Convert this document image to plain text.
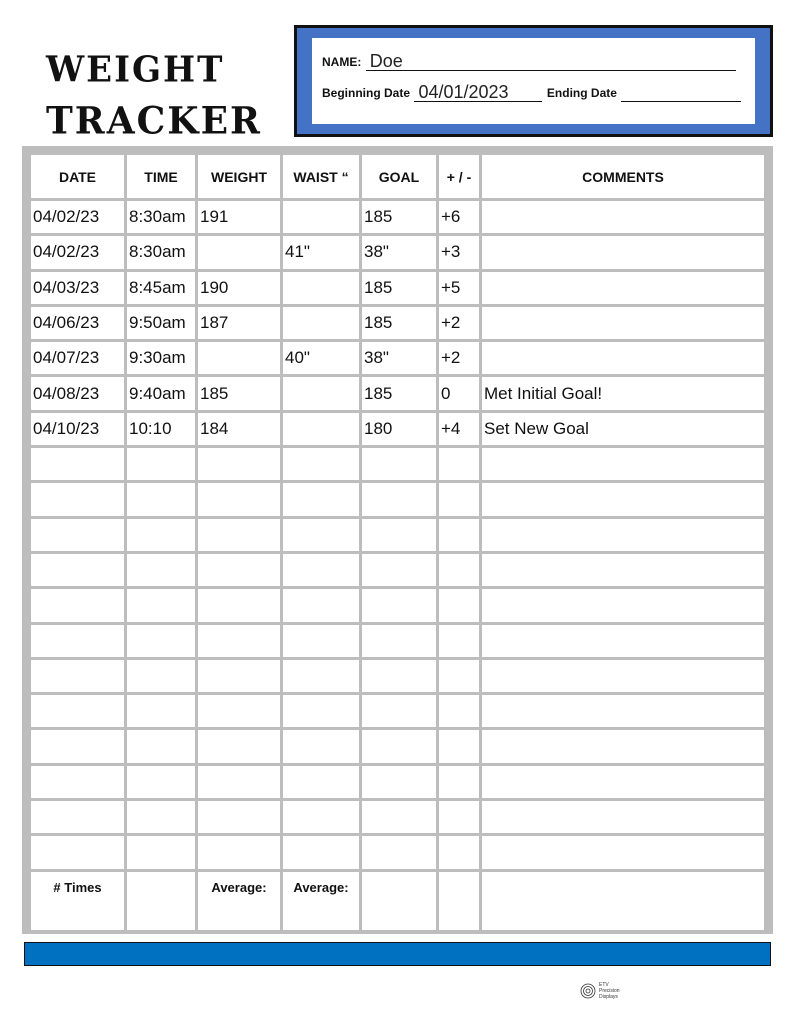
WEIGHT
TRACKER
NAME: Doe
Beginning Date 04/01/2023	Ending Date
DATE	TIME	WEIGHT	WAIST “	GOAL	+ / -	COMMENTS
04/02/23	8:30am	191		185	+6	
04/02/23	8:30am		41"	38"	+3	
04/03/23	8:45am	190		185	+5	
04/06/23	9:50am	187		185	+2	
04/07/23	9:30am		40"	38"	+2	
04/08/23	9:40am	185		185	0	Met Initial Goal!
04/10/23	10:10	184		180	+4	Set New Goal

# Times		Average:	Average:			
ETV Precision Displays
